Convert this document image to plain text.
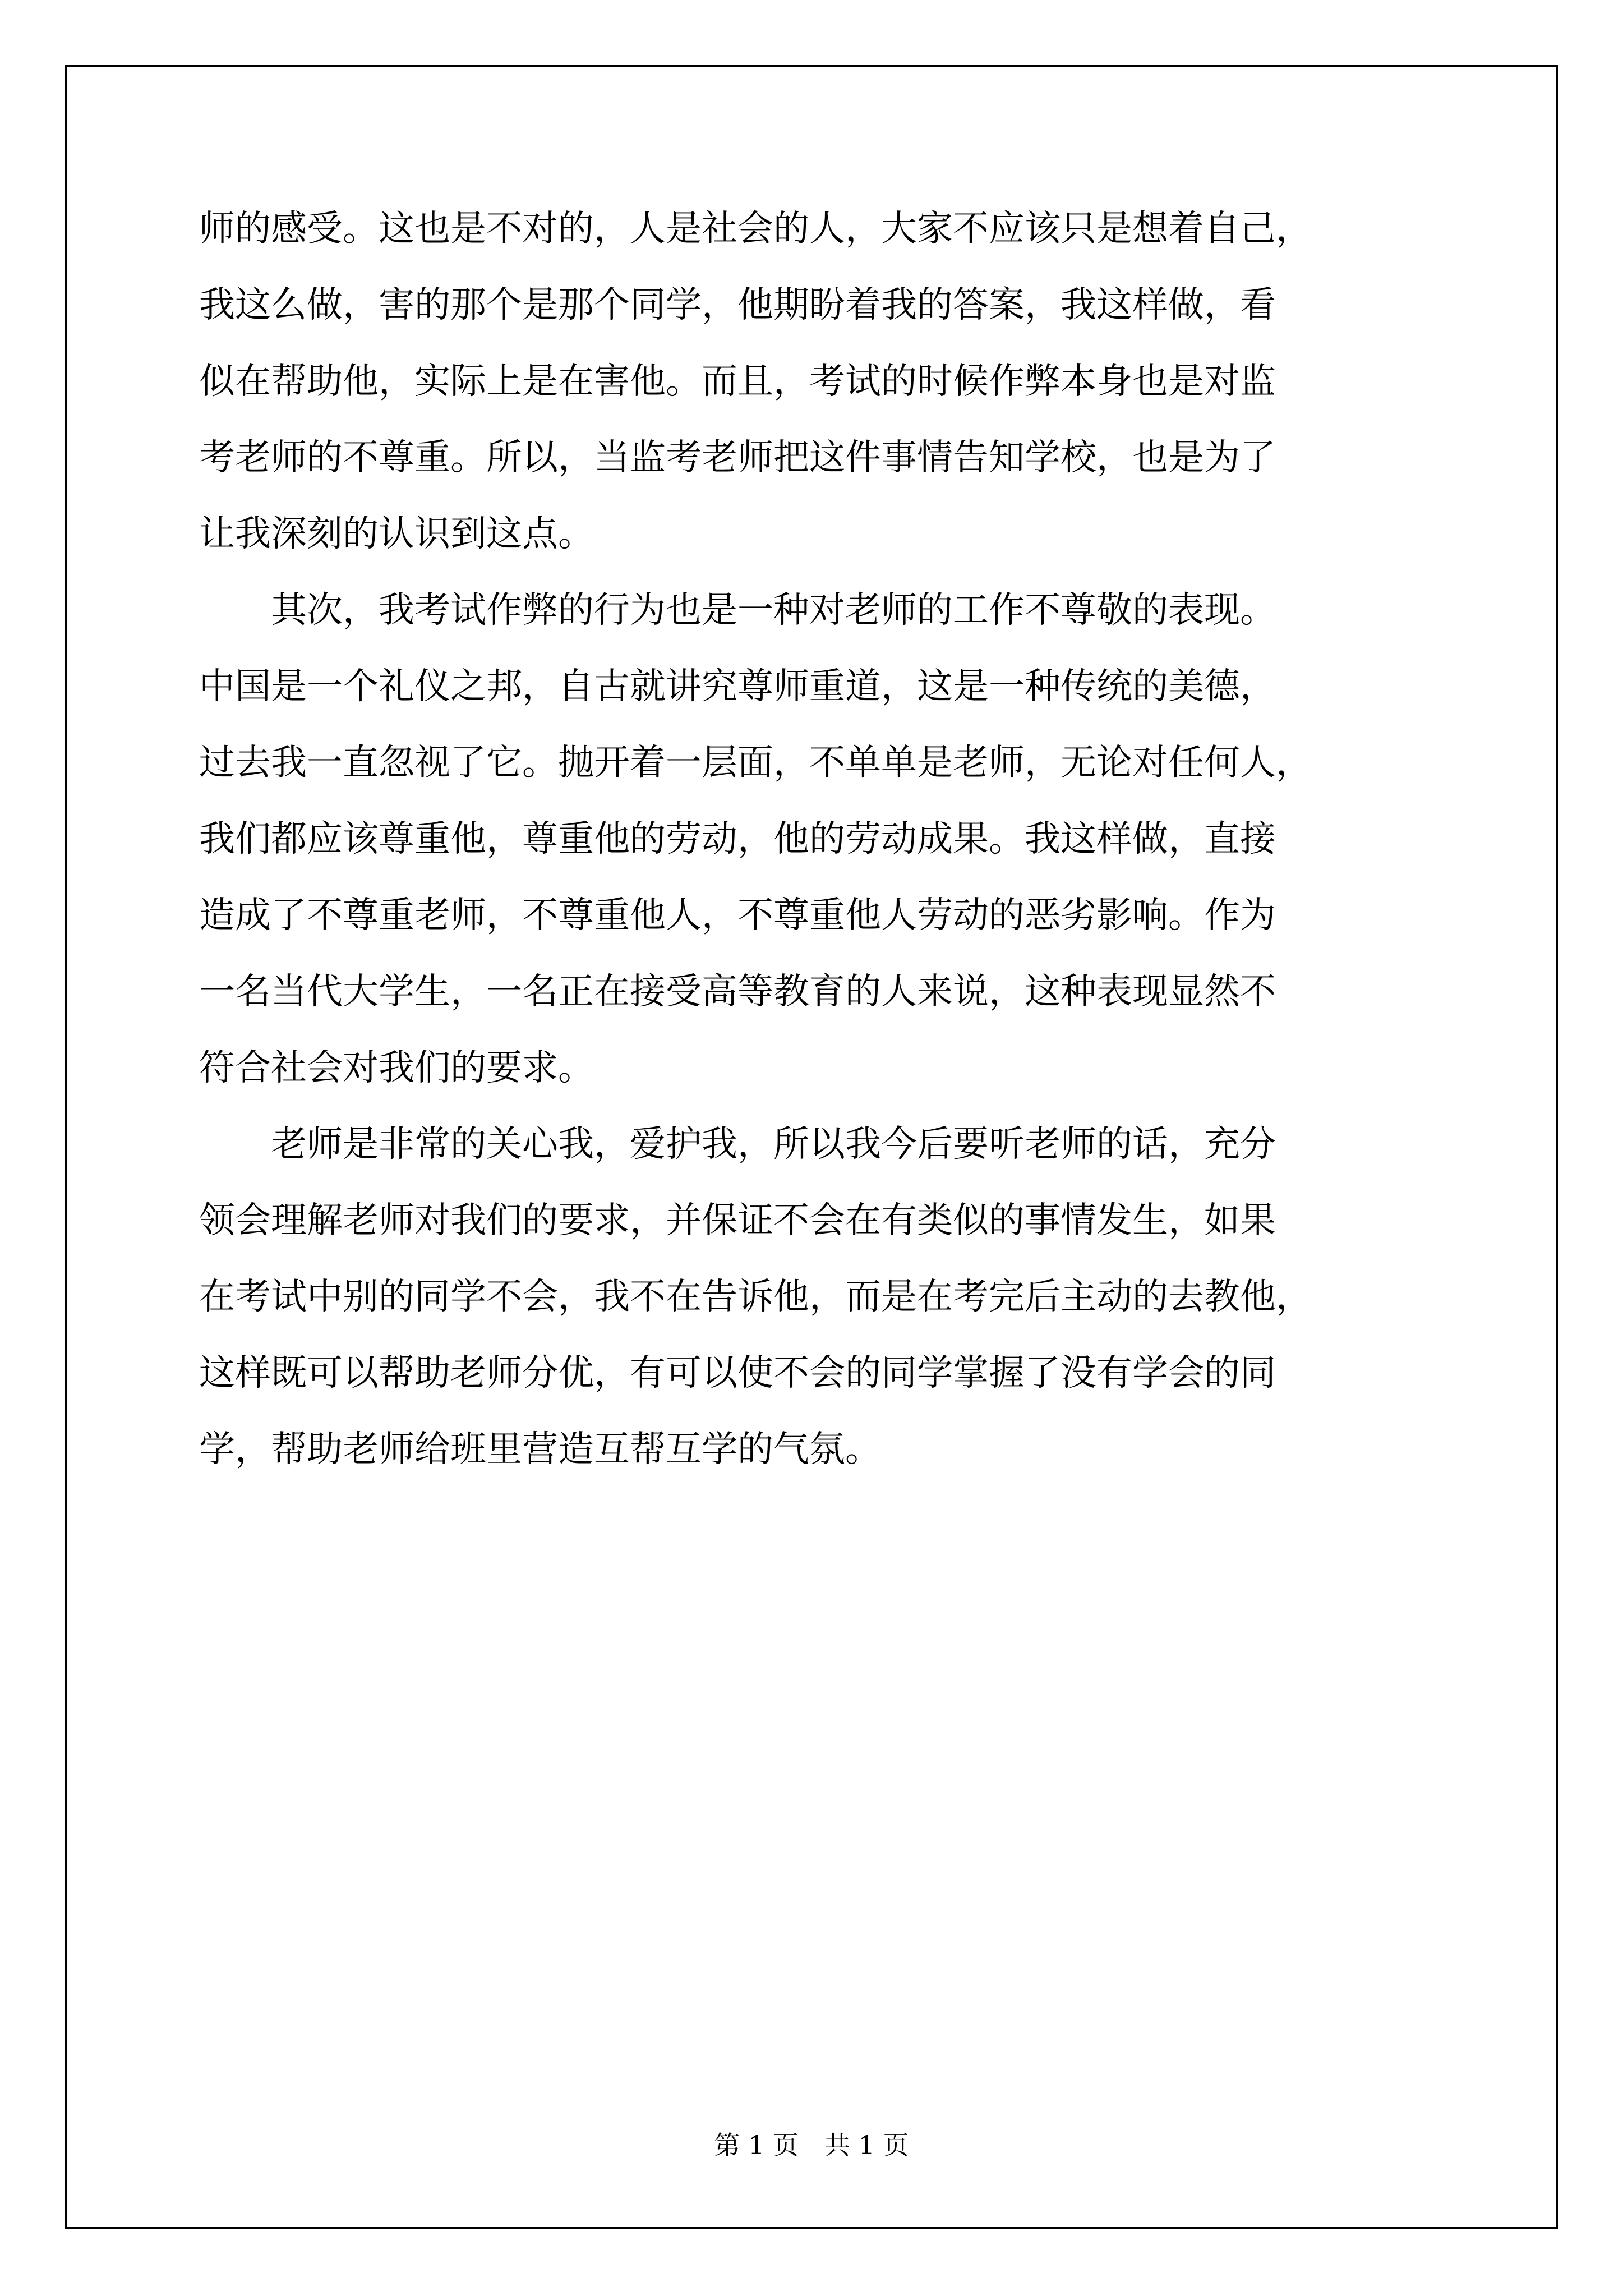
师的感受。这也是不对的，人是社会的人，大家不应该只是想着自己，

我这么做，害的那个是那个同学，他期盼着我的答案，我这样做，看

似在帮助他，实际上是在害他。而且，考试的时候作弊本身也是对监

考老师的不尊重。所以，当监考老师把这件事情告知学校，也是为了

让我深刻的认识到这点。

　　其次，我考试作弊的行为也是一种对老师的工作不尊敬的表现。

中国是一个礼仪之邦，自古就讲究尊师重道，这是一种传统的美德，

过去我一直忽视了它。抛开着一层面，不单单是老师，无论对任何人，

我们都应该尊重他，尊重他的劳动，他的劳动成果。我这样做，直接

造成了不尊重老师，不尊重他人，不尊重他人劳动的恶劣影响。作为

一名当代大学生，一名正在接受高等教育的人来说，这种表现显然不

符合社会对我们的要求。

　　老师是非常的关心我，爱护我，所以我今后要听老师的话，充分

领会理解老师对我们的要求，并保证不会在有类似的事情发生，如果

在考试中别的同学不会，我不在告诉他，而是在考完后主动的去教他，

这样既可以帮助老师分优，有可以使不会的同学掌握了没有学会的同

学，帮助老师给班里营造互帮互学的气氛。

第 1 页　共 1 页
